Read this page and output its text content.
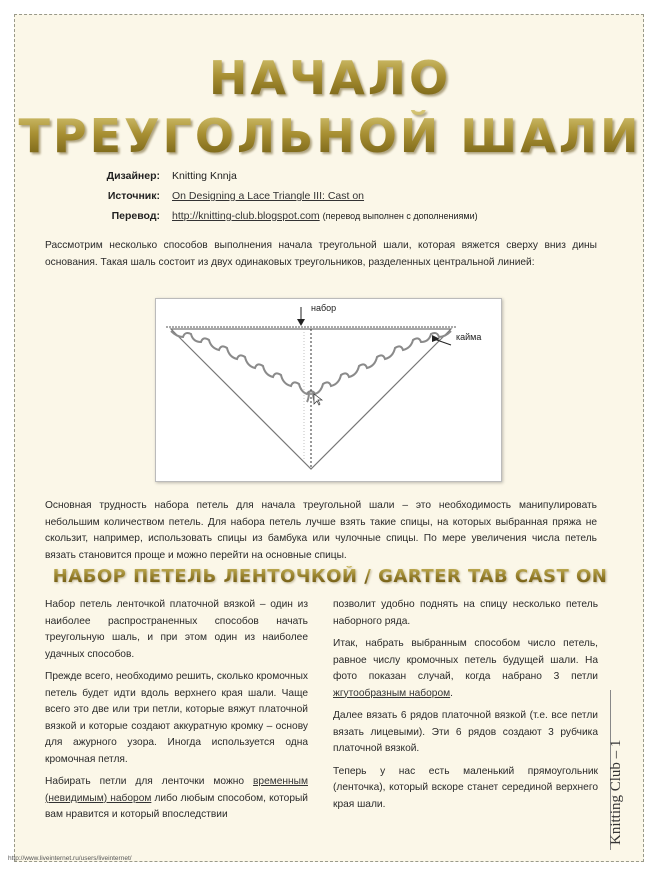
НАЧАЛО
ТРЕУГОЛЬНОЙ ШАЛИ
Дизайнер: Knitting Knnja
Источник: On Designing a Lace Triangle III: Cast on
Перевод: http://knitting-club.blogspot.com (перевод выполнен с дополнениями)
Рассмотрим несколько способов выполнения начала треугольной шали, которая вяжется сверху вниз дины основания. Такая шаль состоит из двух одинаковых треугольников, разделенных центральной линией:
набор
кайма
Основная трудность набора петель для начала треугольной шали – это необходимость манипулировать небольшим количеством петель. Для набора петель лучше взять такие спицы, на которых выбранная пряжа не скользит, например, использовать спицы из бамбука или чулочные спицы. По мере увеличения числа петель вязать становится проще и можно перейти на основные спицы.
НАБОР ПЕТЕЛЬ ЛЕНТОЧКОЙ / GARTER TAB CAST ON

Набор петель ленточкой платочной вязкой – один из наиболее распространенных способов начать треугольную шаль, и при этом один из наиболее удачных способов.

Прежде всего, необходимо решить, сколько кромочных петель будет идти вдоль верхнего края шали. Чаще всего это две или три петли, которые вяжут платочной вязкой и которые создают аккуратную кромку – основу для ажурного узора. Иногда используется одна кромочная петля.

Набирать петли для ленточки можно временным (невидимым) набором либо любым способом, который вам нравится и который впоследствии

позволит удобно поднять на спицу несколько петель наборного ряда.

Итак, набрать выбранным способом число петель, равное числу кромочных петель будущей шали. На фото показан случай, когда набрано 3 петли жгутообразным набором.

Далее вязать 6 рядов платочной вязкой (т.е. все петли вязать лицевыми). Эти 6 рядов создают 3 рубчика платочной вязкой.

Теперь у нас есть маленький прямоугольник (ленточка), который вскоре станет серединой верхнего края шали.	Knitting Club – 1
http://www.liveinternet.ru/users/liveinternet/
